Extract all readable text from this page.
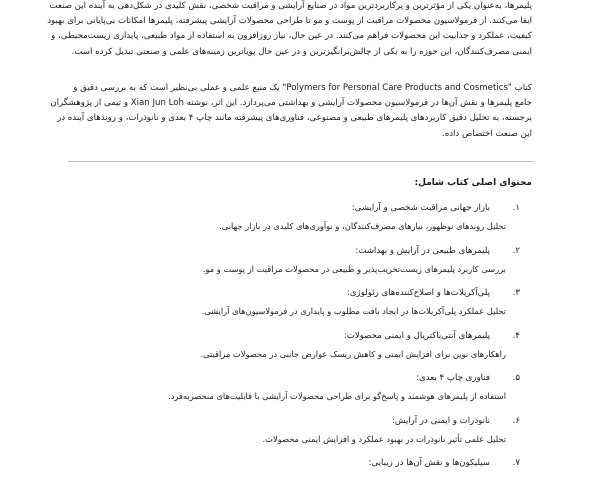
پلیمرها، به‌عنوان یکی از مؤثرترین و پرکاربردترین مواد در صنایع آرایشی و مراقبت شخصی، نقش کلیدی در شکل‌دهی به آینده این صنعت

ایفا می‌کنند. از فرمولاسیون محصولات مراقبت از پوست و مو تا طراحی محصولات آرایشی پیشرفته، پلیمرها امکانات بی‌پایانی برای بهبود

کیفیت، عملکرد و جذابیت این محصولات فراهم می‌کنند. در عین حال، نیاز روزافزون به استفاده از مواد طبیعی، پایداری زیست‌محیطی، و

ایمنی مصرف‌کنندگان، این حوزه را به یکی از چالش‌برانگیزترین و در عین حال پویاترین زمینه‌های علمی و صنعتی تبدیل کرده است.

کتاب "Polymers for Personal Care Products and Cosmetics" یک منبع علمی و عملی بی‌نظیر است که به بررسی دقیق و

جامع پلیمرها و نقش آن‌ها در فرمولاسیون محصولات آرایشی و بهداشتی می‌پردازد. این اثر، نوشته Xian Jun Loh و تیمی از پژوهشگران

برجسته، به تحلیل دقیق کاربردهای پلیمرهای طبیعی و مصنوعی، فناوری‌های پیشرفته مانند چاپ ۴ بعدی و نانوذرات، و روندهای آینده در

این صنعت اختصاص داده.

محتوای اصلی کتاب شامل:
۱.
بازار جهانی مراقبت شخصی و آرایشی:
تحلیل روندهای نوظهور، نیازهای مصرف‌کنندگان، و نوآوری‌های کلیدی در بازار جهانی.
۲.
پلیمرهای طبیعی در آرایش و بهداشت:
بررسی کاربرد پلیمرهای زیست‌تخریب‌پذیر و طبیعی در محصولات مراقبت از پوست و مو.
۳.
پلی‌آکریلات‌ها و اصلاح‌کننده‌های رئولوژی:
تحلیل عملکرد پلی‌آکریلات‌ها در ایجاد بافت مطلوب و پایداری در فرمولاسیون‌های آرایشی.
۴.
پلیمرهای آنتی‌باکتریال و ایمنی محصولات:
راهکارهای نوین برای افزایش ایمنی و کاهش ریسک عوارض جانبی در محصولات مراقبتی.
۵.
فناوری چاپ ۴ بعدی:
استفاده از پلیمرهای هوشمند و پاسخ‌گو برای طراحی محصولات آرایشی با قابلیت‌های منحصربه‌فرد.
۶.
نانوذرات و ایمنی در آرایش:
تحلیل علمی تأثیر نانوذرات در بهبود عملکرد و افزایش ایمنی محصولات.
۷.
سیلیکون‌ها و نقش آن‌ها در زیبایی:
